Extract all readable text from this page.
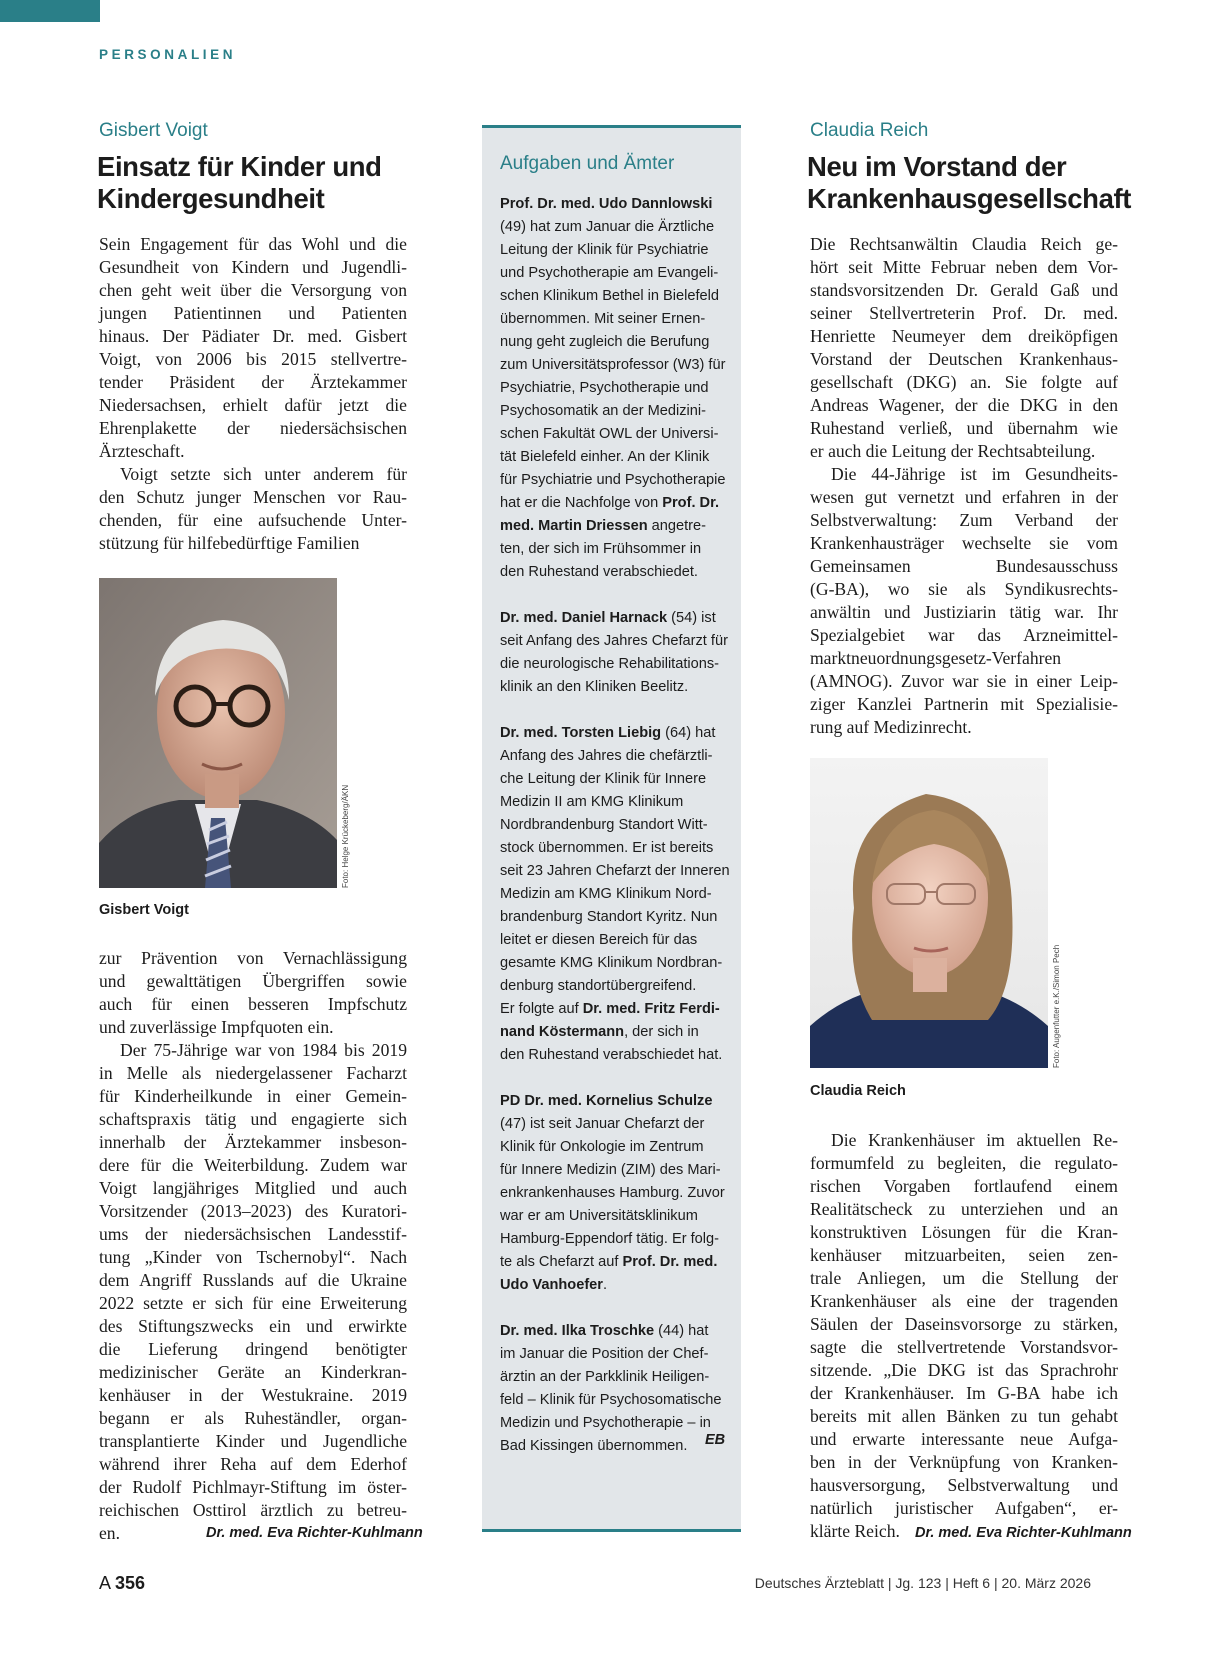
PERSONALIEN
Gisbert Voigt
Einsatz für Kinder und
Kindergesundheit
Sein Engagement für das Wohl und die
Gesundheit von Kindern und Jugendli-
chen geht weit über die Versorgung von
jungen Patientinnen und Patienten
hinaus. Der Pädiater Dr. med. Gisbert
Voigt, von 2006 bis 2015 stellvertre-
tender Präsident der Ärztekammer
Niedersachsen, erhielt dafür jetzt die
Ehrenplakette der niedersächsischen
Ärzteschaft.
Voigt setzte sich unter anderem für
den Schutz junger Menschen vor Rau-
chenden, für eine aufsuchende Unter-
stützung für hilfebedürftige Familien
Foto: Helge Krückeberg/ÄKN
Gisbert Voigt
zur Prävention von Vernachlässigung
und gewalttätigen Übergriffen sowie
auch für einen besseren Impfschutz
und zuverlässige Impfquoten ein.
Der 75-Jährige war von 1984 bis 2019
in Melle als niedergelassener Facharzt
für Kinderheilkunde in einer Gemein-
schaftspraxis tätig und engagierte sich
innerhalb der Ärztekammer insbeson-
dere für die Weiterbildung. Zudem war
Voigt langjähriges Mitglied und auch
Vorsitzender (2013–2023) des Kuratori-
ums der niedersächsischen Landesstif-
tung „Kinder von Tschernobyl“. Nach
dem Angriff Russlands auf die Ukraine
2022 setzte er sich für eine Erweiterung
des Stiftungszwecks ein und erwirkte
die Lieferung dringend benötigter
medizinischer Geräte an Kinderkran-
kenhäuser in der Westukraine. 2019
begann er als Ruheständler, organ-
transplantierte Kinder und Jugendliche
während ihrer Reha auf dem Ederhof
der Rudolf Pichlmayr-Stiftung im öster-
reichischen Osttirol ärztlich zu betreu-
en.	Dr. med. Eva Richter-Kuhlmann
Aufgaben und Ämter
Prof. Dr. med. Udo Dannlowski
(49) hat zum Januar die Ärztliche
Leitung der Klinik für Psychiatrie
und Psychotherapie am Evangeli-
schen Klinikum Bethel in Bielefeld
übernommen. Mit seiner Ernen-
nung geht zugleich die Berufung
zum Universitätsprofessor (W3) für
Psychiatrie, Psychotherapie und
Psychosomatik an der Medizini-
schen Fakultät OWL der Universi-
tät Bielefeld einher. An der Klinik
für Psychiatrie und Psychotherapie
hat er die Nachfolge von Prof. Dr.
med. Martin Driessen angetre-
ten, der sich im Frühsommer in
den Ruhestand verabschiedet.
Dr. med. Daniel Harnack (54) ist
seit Anfang des Jahres Chefarzt für
die neurologische Rehabilitations-
klinik an den Kliniken Beelitz.
Dr. med. Torsten Liebig (64) hat
Anfang des Jahres die chefärztli-
che Leitung der Klinik für Innere
Medizin II am KMG Klinikum
Nordbrandenburg Standort Witt-
stock übernommen. Er ist bereits
seit 23 Jahren Chefarzt der Inneren
Medizin am KMG Klinikum Nord-
brandenburg Standort Kyritz. Nun
leitet er diesen Bereich für das
gesamte KMG Klinikum Nordbran-
denburg standortübergreifend.
Er folgte auf Dr. med. Fritz Ferdi-
nand Köstermann, der sich in
den Ruhestand verabschiedet hat.
PD Dr. med. Kornelius Schulze
(47) ist seit Januar Chefarzt der
Klinik für Onkologie im Zentrum
für Innere Medizin (ZIM) des Mari-
enkrankenhauses Hamburg. Zuvor
war er am Universitätsklinikum
Hamburg-Eppendorf tätig. Er folg-
te als Chefarzt auf Prof. Dr. med.
Udo Vanhoefer.
Dr. med. Ilka Troschke (44) hat
im Januar die Position der Chef-
ärztin an der Parkklinik Heiligen-
feld – Klinik für Psychosomatische
Medizin und Psychotherapie – in
Bad Kissingen übernommen.	EB
Claudia Reich
Neu im Vorstand der
Krankenhausgesellschaft
Die Rechtsanwältin Claudia Reich ge-
hört seit Mitte Februar neben dem Vor-
standsvorsitzenden Dr. Gerald Gaß und
seiner Stellvertreterin Prof. Dr. med.
Henriette Neumeyer dem dreiköpfigen
Vorstand der Deutschen Krankenhaus-
gesellschaft (DKG) an. Sie folgte auf
Andreas Wagener, der die DKG in den
Ruhestand verließ, und übernahm wie
er auch die Leitung der Rechtsabteilung.
Die 44-Jährige ist im Gesundheits-
wesen gut vernetzt und erfahren in der
Selbstverwaltung: Zum Verband der
Krankenhausträger wechselte sie vom
Gemeinsamen Bundesausschuss
(G-BA), wo sie als Syndikusrechts-
anwältin und Justiziarin tätig war. Ihr
Spezialgebiet war das Arzneimittel-
marktneuordnungsgesetz-Verfahren
(AMNOG). Zuvor war sie in einer Leip-
ziger Kanzlei Partnerin mit Spezialisie-
rung auf Medizinrecht.
Foto: Augenfutter e.K./Simon Pech
Claudia Reich
Die Krankenhäuser im aktuellen Re-
formumfeld zu begleiten, die regulato-
rischen Vorgaben fortlaufend einem
Realitätscheck zu unterziehen und an
konstruktiven Lösungen für die Kran-
kenhäuser mitzuarbeiten, seien zen-
trale Anliegen, um die Stellung der
Krankenhäuser als eine der tragenden
Säulen der Daseinsvorsorge zu stärken,
sagte die stellvertretende Vorstandsvor-
sitzende. „Die DKG ist das Sprachrohr
der Krankenhäuser. Im G-BA habe ich
bereits mit allen Bänken zu tun gehabt
und erwarte interessante neue Aufga-
ben in der Verknüpfung von Kranken-
hausversorgung, Selbstverwaltung und
natürlich juristischer Aufgaben“, er-
klärte Reich.	Dr. med. Eva Richter-Kuhlmann
A 356	Deutsches Ärzteblatt | Jg. 123 | Heft 6 | 20. März 2026
